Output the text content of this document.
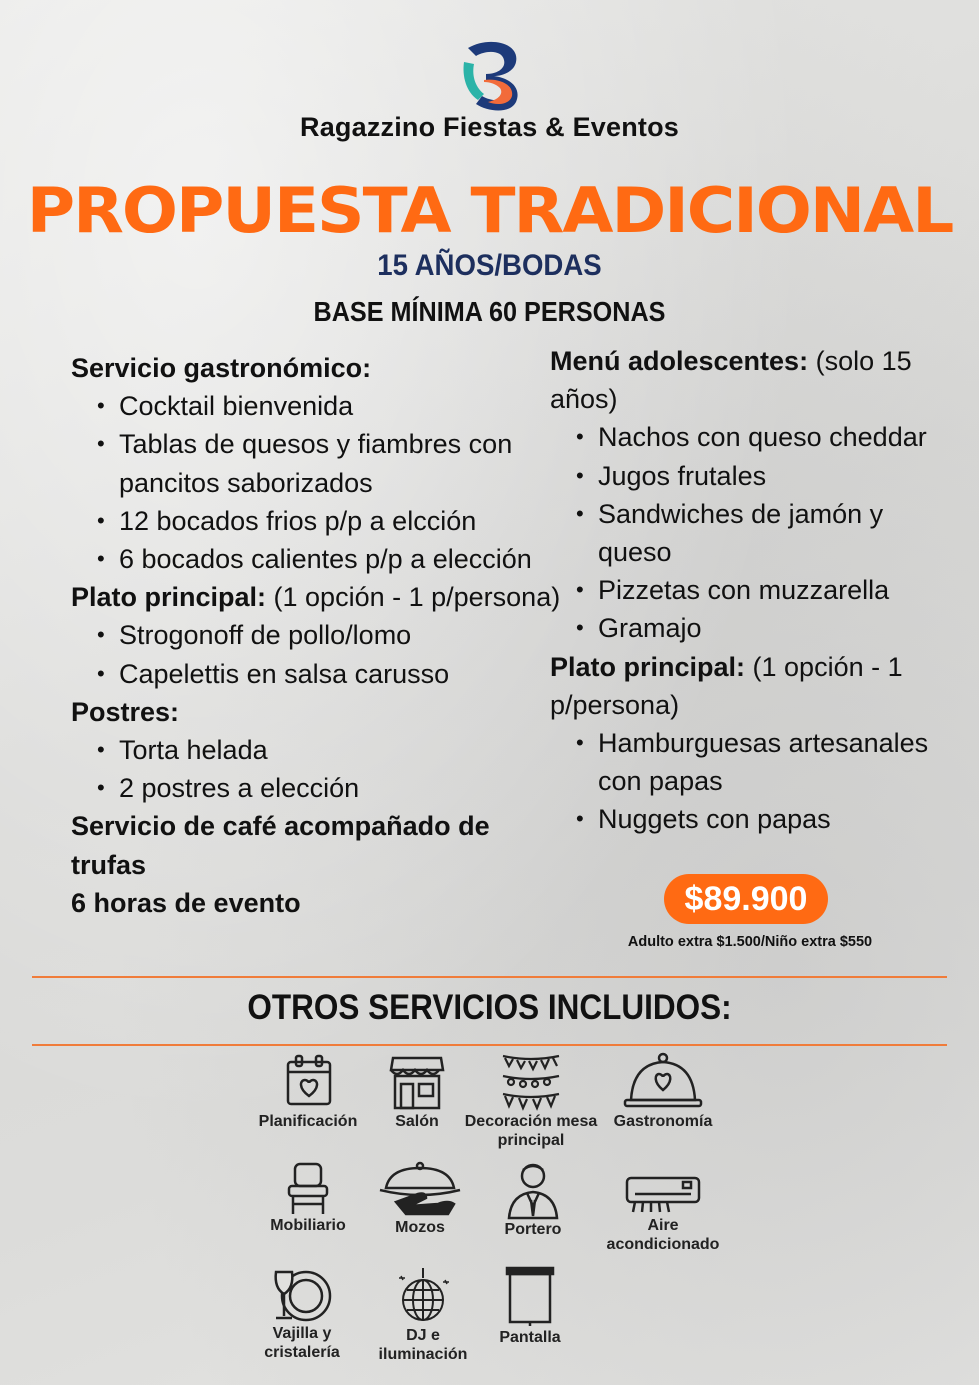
Ragazzino Fiestas & Eventos
PROPUESTA TRADICIONAL
15 AÑOS/BODAS
BASE MÍNIMA 60 PERSONAS
Servicio gastronómico:
• Cocktail bienvenida
• Tablas de quesos y fiambres con pancitos saborizados
• 12 bocados frios p/p a elcción
• 6 bocados calientes p/p a elección
Plato principal: (1 opción - 1 p/persona)
• Strogonoff de pollo/lomo
• Capelettis en salsa carusso
Postres:
• Torta helada
• 2 postres a elección
Servicio de café acompañado de trufas
6 horas de evento
Menú adolescentes: (solo 15 años)
• Nachos con queso cheddar
• Jugos frutales
• Sandwiches de jamón y queso
• Pizzetas con muzzarella
• Gramajo
Plato principal: (1 opción - 1 p/persona)
• Hamburguesas artesanales con papas
• Nuggets con papas
$89.900
Adulto extra $1.500/Niño extra $550
OTROS SERVICIOS INCLUIDOS:
Planificación	Salón	Decoración mesa principal
Gastronomía
Mobiliario	Mozos	Portero	Aire acondicionado
Vajilla y cristalería
DJ e iluminación
Pantalla
